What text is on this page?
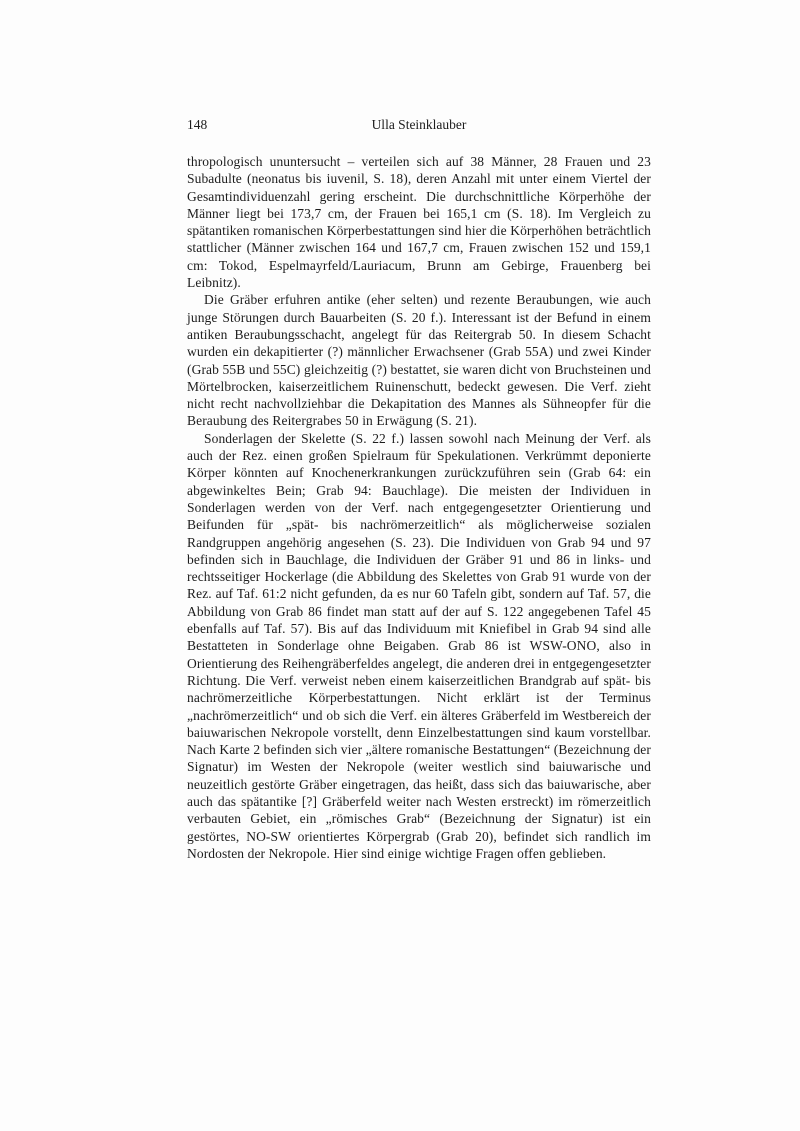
148	Ulla Steinklauber

thropologisch ununtersucht – verteilen sich auf 38 Männer, 28 Frauen und 23 Subadulte (neonatus bis iuvenil, S. 18), deren Anzahl mit unter einem Viertel der Gesamtindividuenzahl gering erscheint. Die durchschnittliche Körperhöhe der Männer liegt bei 173,7 cm, der Frauen bei 165,1 cm (S. 18). Im Vergleich zu spätantiken romanischen Körperbestattungen sind hier die Körperhöhen beträchtlich stattlicher (Männer zwischen 164 und 167,7 cm, Frauen zwischen 152 und 159,1 cm: Tokod, Espelmayrfeld/Lauriacum, Brunn am Gebirge, Frauenberg bei Leibnitz).

Die Gräber erfuhren antike (eher selten) und rezente Beraubungen, wie auch junge Störungen durch Bauarbeiten (S. 20 f.). Interessant ist der Befund in einem antiken Beraubungsschacht, angelegt für das Reitergrab 50. In diesem Schacht wurden ein dekapitierter (?) männlicher Erwachsener (Grab 55A) und zwei Kinder (Grab 55B und 55C) gleichzeitig (?) bestattet, sie waren dicht von Bruchsteinen und Mörtelbrocken, kaiserzeitlichem Ruinenschutt, bedeckt gewesen. Die Verf. zieht nicht recht nachvollziehbar die Dekapitation des Mannes als Sühneopfer für die Beraubung des Reitergrabes 50 in Erwägung (S. 21).

Sonderlagen der Skelette (S. 22 f.) lassen sowohl nach Meinung der Verf. als auch der Rez. einen großen Spielraum für Spekulationen. Verkrümmt deponierte Körper könnten auf Knochenerkrankungen zurückzuführen sein (Grab 64: ein abgewinkeltes Bein; Grab 94: Bauchlage). Die meisten der Individuen in Sonderlagen werden von der Verf. nach entgegengesetzter Orientierung und Beifunden für „spät- bis nachrömerzeitlich“ als möglicherweise sozialen Randgruppen angehörig angesehen (S. 23). Die Individuen von Grab 94 und 97 befinden sich in Bauchlage, die Individuen der Gräber 91 und 86 in links- und rechtsseitiger Hockerlage (die Abbildung des Skelettes von Grab 91 wurde von der Rez. auf Taf. 61:2 nicht gefunden, da es nur 60 Tafeln gibt, sondern auf Taf. 57, die Abbildung von Grab 86 findet man statt auf der auf S. 122 angegebenen Tafel 45 ebenfalls auf Taf. 57). Bis auf das Individuum mit Kniefibel in Grab 94 sind alle Bestatteten in Sonderlage ohne Beigaben. Grab 86 ist WSW-ONO, also in Orientierung des Reihengräberfeldes angelegt, die anderen drei in entgegengesetzter Richtung. Die Verf. verweist neben einem kaiserzeitlichen Brandgrab auf spät- bis nachrömerzeitliche Körperbestattungen. Nicht erklärt ist der Terminus „nachrömerzeitlich“ und ob sich die Verf. ein älteres Gräberfeld im Westbereich der baiuwarischen Nekropole vorstellt, denn Einzelbestattungen sind kaum vorstellbar. Nach Karte 2 befinden sich vier „ältere romanische Bestattungen“ (Bezeichnung der Signatur) im Westen der Nekropole (weiter westlich sind baiuwarische und neuzeitlich gestörte Gräber eingetragen, das heißt, dass sich das baiuwarische, aber auch das spätantike [?] Gräberfeld weiter nach Westen erstreckt) im römerzeitlich verbauten Gebiet, ein „römisches Grab“ (Bezeichnung der Signatur) ist ein gestörtes, NO-SW orientiertes Körpergrab (Grab 20), befindet sich randlich im Nordosten der Nekropole. Hier sind einige wichtige Fragen offen geblieben.
